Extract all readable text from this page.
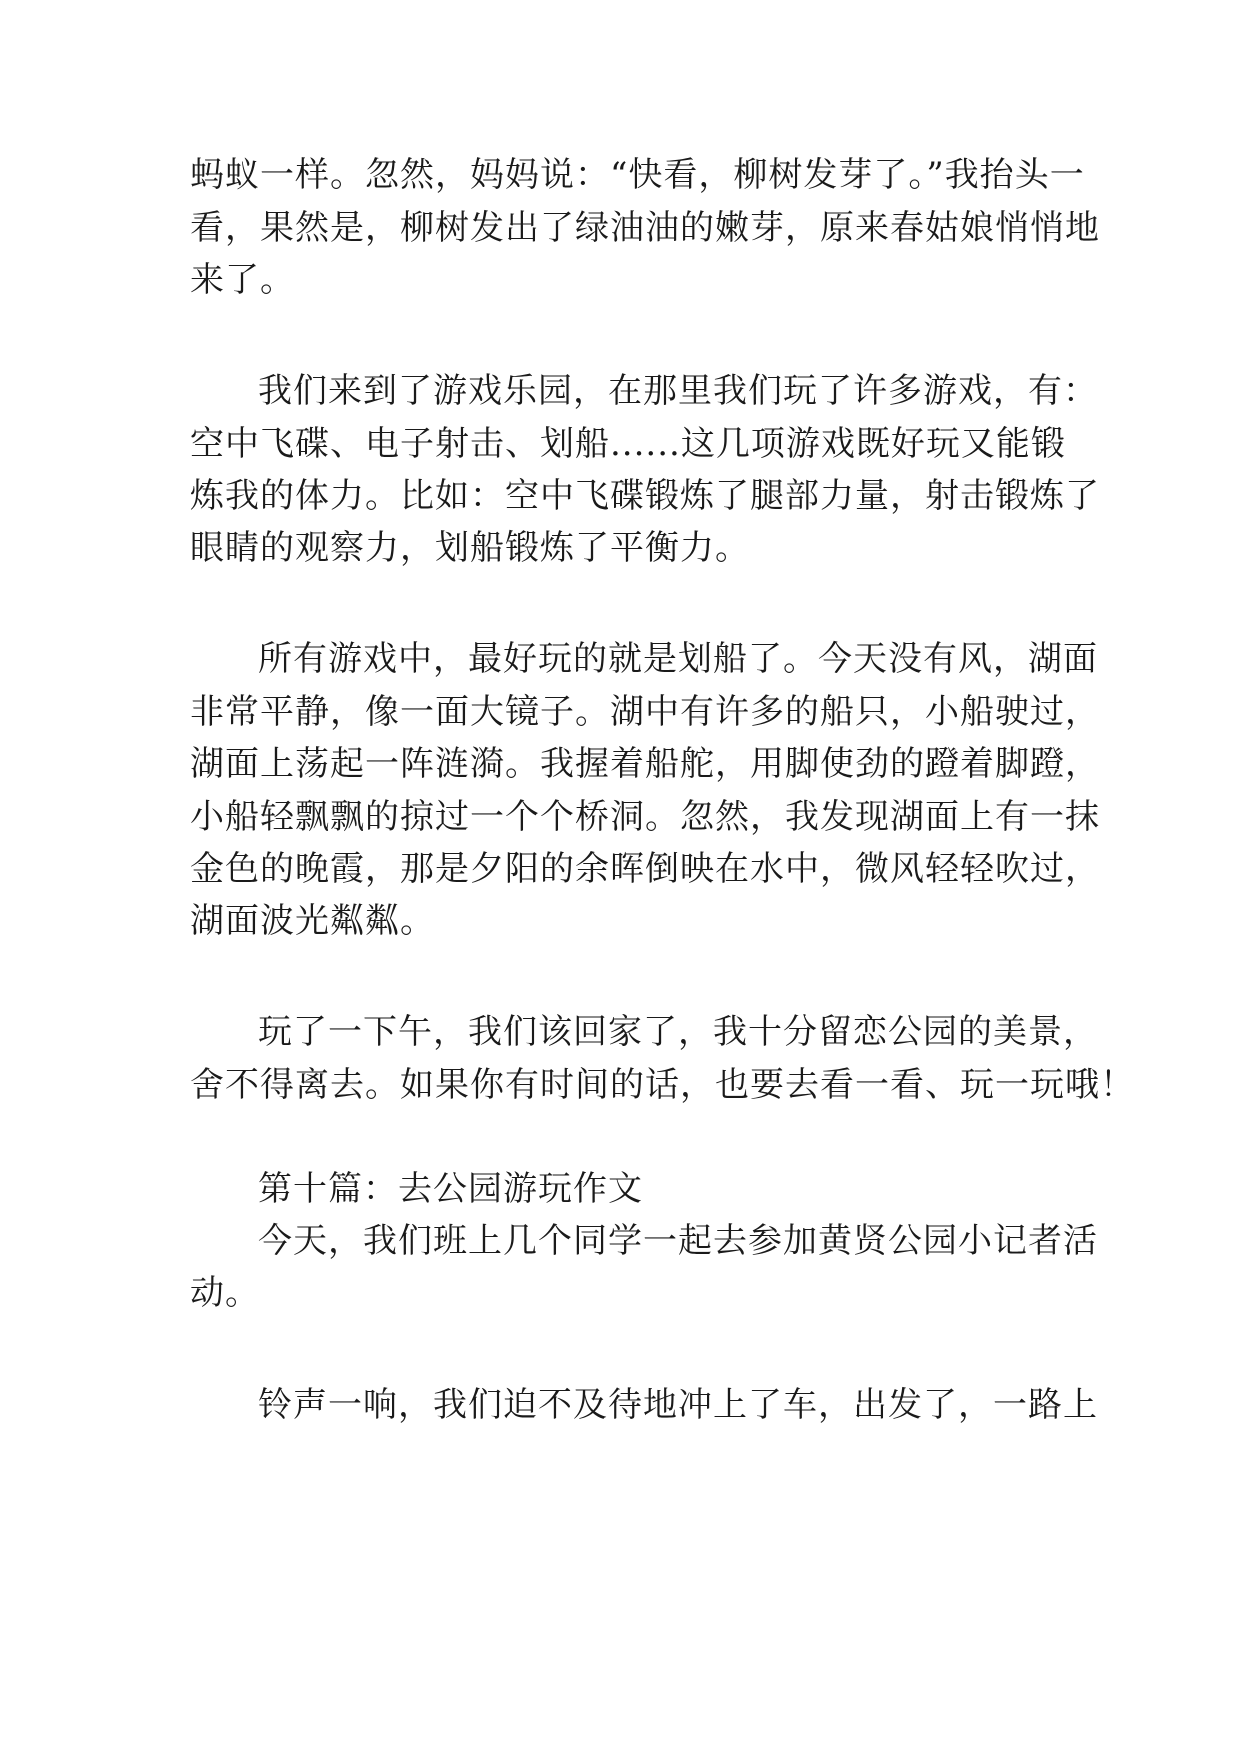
蚂蚁一样。忽然，妈妈说：“快看，柳树发芽了。”我抬头一
看，果然是，柳树发出了绿油油的嫩芽，原来春姑娘悄悄地
来了。
我们来到了游戏乐园，在那里我们玩了许多游戏，有：
空中飞碟、电子射击、划船......这几项游戏既好玩又能锻
炼我的体力。比如：空中飞碟锻炼了腿部力量，射击锻炼了
眼睛的观察力，划船锻炼了平衡力。
所有游戏中，最好玩的就是划船了。今天没有风，湖面
非常平静，像一面大镜子。湖中有许多的船只，小船驶过，
湖面上荡起一阵涟漪。我握着船舵，用脚使劲的蹬着脚蹬，
小船轻飘飘的掠过一个个桥洞。忽然，我发现湖面上有一抹
金色的晚霞，那是夕阳的余晖倒映在水中，微风轻轻吹过，
湖面波光粼粼。
玩了一下午，我们该回家了，我十分留恋公园的美景，
舍不得离去。如果你有时间的话，也要去看一看、玩一玩哦！
第十篇：去公园游玩作文
今天，我们班上几个同学一起去参加黄贤公园小记者活
动。
铃声一响，我们迫不及待地冲上了车，出发了，一路上
